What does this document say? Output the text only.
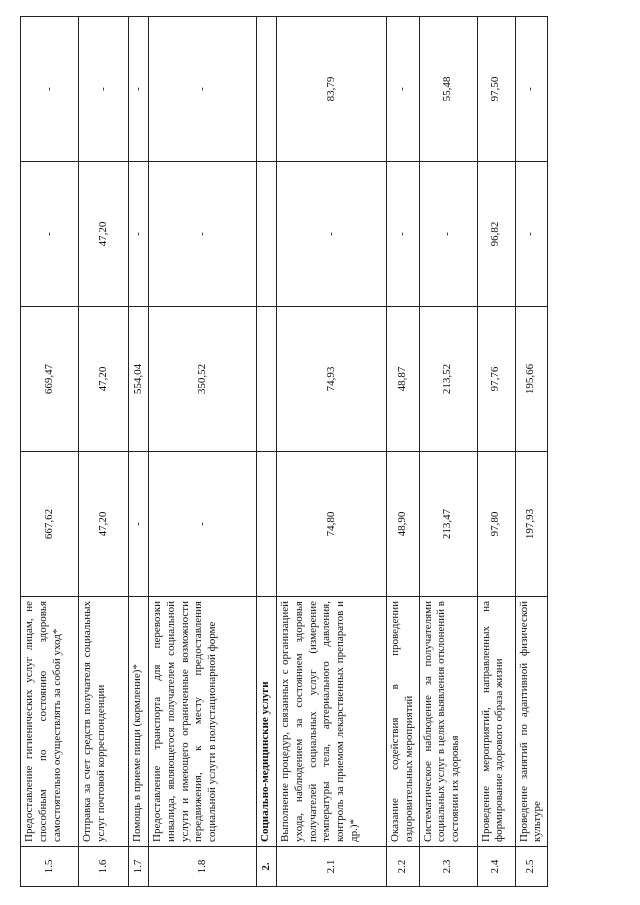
1.5	Предоставление гигиенических услуг лицам, не способным по состоянию здоровья самостоятельно осуществлять за собой уход*	667,62	669,47	-	-
1.6	Отправка за счет средств получателя социальных услуг почтовой корреспонденции	47,20	47,20	47,20	-
1.7	Помощь в приеме пищи (кормление)*	-	554,04	-	-
1.8	Предоставление транспорта для перевозки инвалида, являющегося получателем социальной услуги и имеющего ограниченные возможности передвижения, к месту предоставления социальной услуги в полустационарной форме	-	350,52	-	-
2.	Социально-медицинские услуги				
2.1	Выполнение процедур, связанных с организацией ухода, наблюдением за состоянием здоровья получателей социальных услуг (измерение температуры тела, артериального давления, контроль за приемом лекарственных препаратов и др.)*	74,80	74,93	-	83,79
2.2	Оказание содействия в проведении оздоровительных мероприятий	48,90	48,87	-	-
2.3	Систематическое наблюдение за получателями социальных услуг в целях выявления отклонений в состоянии их здоровья	213,47	213,52	-	55,48
2.4	Проведение мероприятий, направленных на формирование здорового образа жизни	97,80	97,76	96,82	97,50
2.5	Проведение занятий по адаптивной физической культуре	197,93	195,66	-	-
